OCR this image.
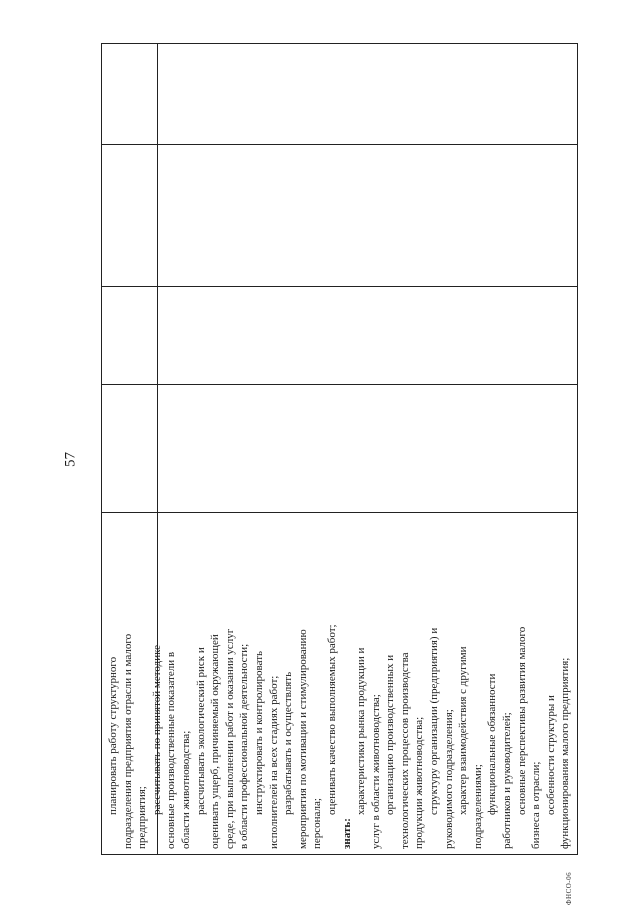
57

планировать работу структурного подразделения предприятия отрасли и малого предприятия;

рассчитывать по принятой методике основные производственные показатели в области животноводства; рассчитывать экологический риск и оценивать ущерб, причиняемый окружающей среде, при выполнении работ и оказании услуг в области профессиональной деятельности; инструктировать и контролировать исполнителей на всех стадиях работ; разрабатывать и осуществлять мероприятия по мотивации и стимулированию персонала;

оценивать качество выполняемых работ;

знать:

характеристики рынка продукции и услуг в области животноводства; организацию производственных и технологических процессов производства продукции животноводства; структуру организации (предприятия) и руководимого подразделения; характер взаимодействия с другими подразделениями; функциональные обязанности работников и руководителей; основные перспективы развития малого бизнеса в отрасли; особенности структуры и функционирования малого предприятия;

ФНСО-06
